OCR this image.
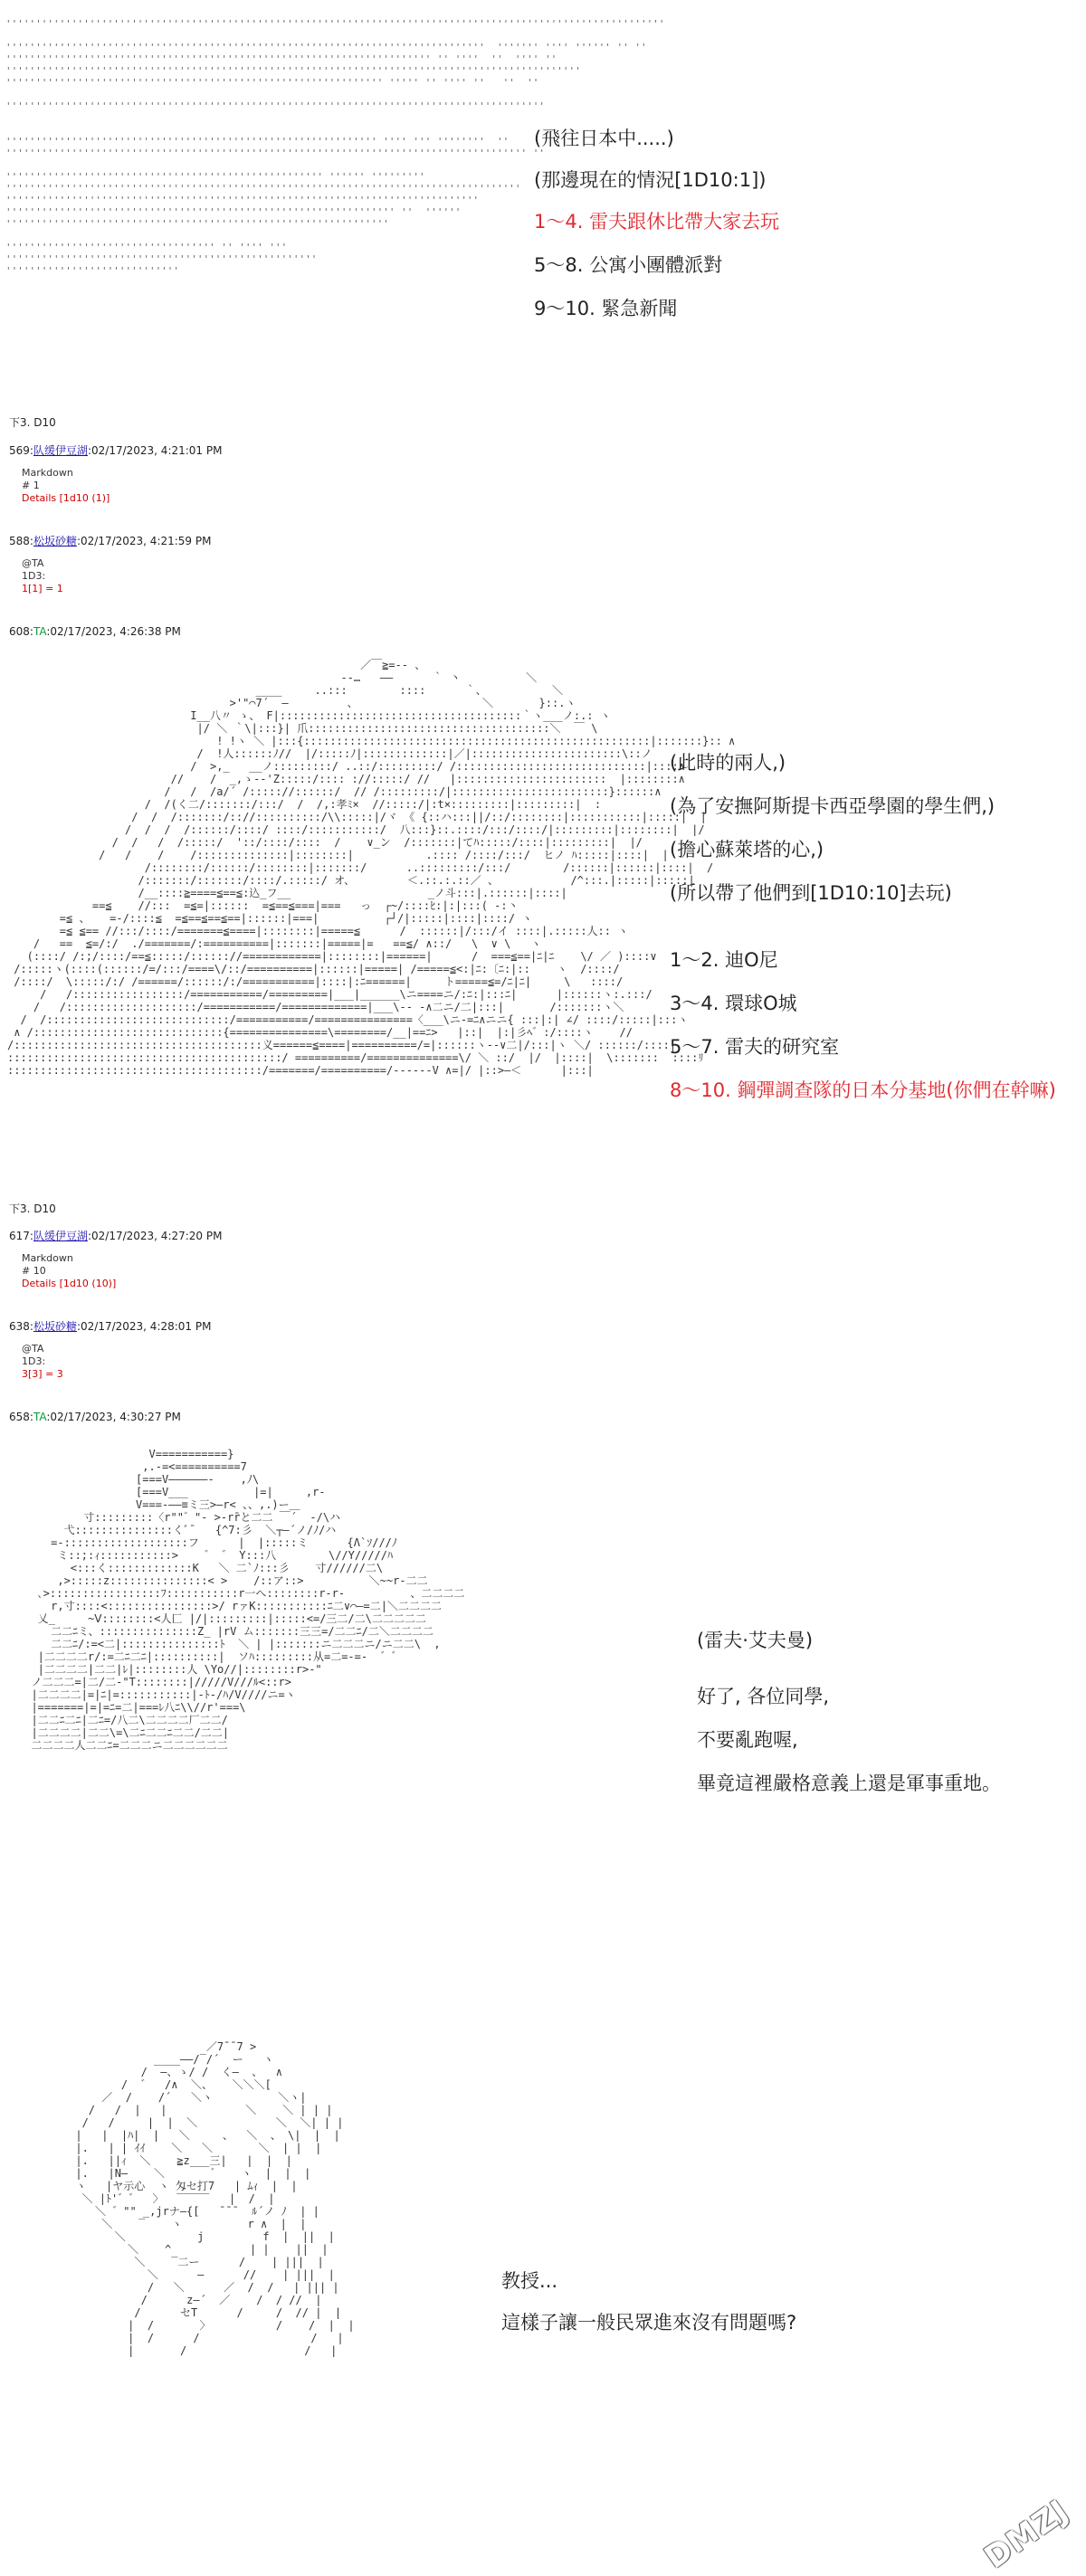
''''''''''''''''''''''''''''''''''''''''''''''''''''''''''''''''''''''''''''''''''''''''''''''''''''''''''''''

''''''''''''''''''''''''''''''''''''''''''''''''''''''''''''''''''''''''''''''''  ''''''' '''' '''''' '' ''
''''''''''''''''''''''''''''''''''''''''''''''''''''''''''''''''''''''' '' ''''  ''  '''' ''
''''''''''''''''''''''''''''''''''''''''''''''''''''''''''''''''''''''''''''''''''''''''''''''''
''''''''''''''''''''''''''''''''''''''''''''''''''''''''''''''' ''''' '' '''' ''   ''  ''

''''''''''''''''''''''''''''''''''''''''''''''''''''''''''''''''''''''''''''''''''''''''''

'''''''''''''''''''''''''''''''''''''''''''''''''''''''''''''' '''' ''' ''''''''  ''
''''''''''''''''''''''''''''''''''''''''''''''''''''''''''''''''''''''''''''''''''''''' ''

''''''''''''''''''''''''''''''''''''''''''''''''''''' '''''' '''''''''
''''''''''''''''''''''''''''''''''''''''''''''''''''''''''''''''''''''''''''''''''''''
'''''''''''''''''''''''''''''''''''''''''''''''''''''''''''''''''''''''''''''''
''''''''''''''''''''''''''''''''''''''''''''''''''''''''''''''''' ''  ''''''
''''''''''''''''''''''''''''''''''''''''''''''''''''''''''''''''

''''''''''''''''''''''''''''''''''' '' '''' '''
''''''''''''''''''''''''''''''''''''''''''''''''''''
'''''''''''''''''''''''''''''
(飛往日本中.....)
(那邊現在的情況[1D10:1])
1〜4. 雷夫跟休比帶大家去玩
5〜8. 公寓小團體派對
9〜10. 緊急新聞
下3. D10
569:队缓伊豆湖:02/17/2023, 4:21:01 PM
Markdown
# 1
Details [1d10 (1)]
588:松坂砂糖:02/17/2023, 4:21:59 PM
@TA
1D3:
1[1] = 1
608:TA:02/17/2023, 4:26:38 PM
／￣≧=-- 、
-‐…   ――      ｀ 丶          ＼
____     ..:::        ::::      ｀、          ＼
>'"⌒7´  ―         、                   ＼       }::.ヽ
I__八〃 ゝ、 F|:::::::::::::::::::::::::::::::::::::｀ヽ___ノ:.: ヽ
|/ ＼ ｀\|:::}| 爪:::::::::::::::::::::::::::::::::::::＼  ￣ \
! !ヽ ＼ |:::{:::::::::::::::::::::::::::::::::::::::::::::::::::::|:::::::}:: ∧
/  !人::::::ﾉ//  |/:::::ﾉ|:::::::::::::|／|:::::::::::::::::::::::\::ノ
/  >,_   __ノ:::::::::/ ..::/:::::::::/ /:::::::::::::::::::::::::::::|::::∧
//    /  _,ゝ-‐'Z:::::/:::: ://:::::/ //   |:::::::::::::::::::::::  |::::::::∧
/   /  /a/´ /::::://::::::/  // /:::::::::/|::::::::::::::::::::::::}::::::∧
/  /(く二/:::::::/:::/  /  /,:孝ﾐ×  //:::::/|:t×:::::::::|:::::::::|  :
/  /  /:::::::/:://::::::::::/\\:::::|/ヾ 《 {::ハ:::||/::/::::::::|:::::::::::|:::::|  |
/  /  /  /::::::/::::/ ::::/:::::::::::/  八:::}::.::::/:::/::::/|:::::::::|::::::::|  |/
/  /   /  /:::::/  '::/::::/::::  /    ∨_ン  /:::::::|てﾊ:::::/::::|:::::::::|  |/
/   /    /    /::::::::::::::|::::::::|           .:::: /::::/:::/  ヒノ ﾊ:::::|::::|  |
/::::::::/::::::/::::::::|:::::::/      ..:::::::::/:::/        /::::::|::::::|::::|  /
/:::::::/:::::::/::::/.:::::/ オ、        ＜.::.:.::／ 、           /^:::.|:::::|:::::|
/__::::≧====≦==≦:込_フ__                     _ノ斗:::|.::::::|::::|
==≦    //:::  =≦=|::::::  =≦==≦===|===   っ  ┌~/::::ﾋ:|:|:::( -:丶
=≦ 、   =‐/::::≦  =≦==≦==≦==|::::::|===|          ┌┘/|:::::|::::|::::/ ヽ
=≦ ≦== //:::/::::/=======≦====|::::::::|=====≦      /  ::::::|/:::/イ ::::|.:::::人:: ヽ
/   ==  ≦=/:/  ./=======/:==========|:::::::|=====|=   ==≦/ ∧::/   \  ∨ \   ヽ
(::::/ /:;/::::/==≦:::::/:::::://============|::::::::|======|      /  ===≦==|ﾆ|ﾆ    \/ ／ )::::∨
/:::::ヽ(::::(::::::/=/:::/====\/::/==========|::::::|=====| /=====≦<:|ﾆ:〔ﾆ:|::    ヽ  /::::/
/::::/  \:::::/:/ /======/::::::/:/===========|::::|:ﾆ======|     ト=====≦=/ﾆ|ﾆ|     \   ::::/
/   /:::::::::::::::::/===========/=========|___|______\ニ====ニ/:ﾆ:|:::ﾆ|      |::::::ヽ:.:::/
/   /::::::::::::::::::::/===========/=============|___\-‐ -∧二ニ/二|:::|       /:::::::ヽ＼
/  /::::::::::::::::::::::::::::/===========/===============〈___\ニ-=ﾆ∧ニニ{ :::|:| ∠/ ::::/:::::|:::ヽ
∧ /:::::::::::::::::::::::::::::{===============\========/__|==ﾆ>   |::|  |:|彡ﾍ゛:/::::ヽ    //
/::::::::::::::::::::::::::::::::::::::义======≦====|==========/=|::::::ヽ--∨二|/:::|ヽ ＼/ ::::::/::::|
::::::::::::::::::::::::::::::::::::::::::/ ==========/==============\/ ＼ ::/  |/  |::::|  \:::::::  ::::ﾘ
:::::::::::::::::::::::::::::::::::::::/=======/==========/------V ∧=|/ |::>―＜      |:::|
(此時的兩人,)
(為了安撫阿斯提卡西亞學園的學生們,)
(擔心蘇萊塔的心,)
(所以帶了他們到[1D10:10]去玩)
1〜2. 迪O尼
3〜4. 環球O城
5〜7. 雷夫的研究室
8〜10. 鋼彈調查隊的日本分基地(你們在幹嘛)
下3. D10
617:队缓伊豆湖:02/17/2023, 4:27:20 PM
Markdown
# 10
Details [1d10 (10)]
638:松坂砂糖:02/17/2023, 4:28:01 PM
@TA
1D3:
3[3] = 3
658:TA:02/17/2023, 4:30:27 PM
V===========}
,.-=<==========7
[===V――――――-    ,ﾉ\
[===V___          |=|     ,r-
V===-――≡ミ三>―r< 、、,.)ー＿
寸:::::::::〈r""゛"- >-rr̄と二二 ￣´  -/\ハ
弋:::::::::::::::くﾞ¯   {^7:彡  ＼┬―´ノ/ﾉ/ハ
=-:::::::::::::::::::フ      |  |:::::ミ      {Λ`ｿ///ﾉ
ミ::;:ｨ:::::::::::>    ゛ ゛ Y:::八        \//Y/////ﾊ
<:::く:::::::::::::K   ＼ 二`ﾉ:::彡    寸//////二\
,>:::::z:::::::::::::::< >    /::ア::>          ＼~~r‐二二
､>:::::::::::::::::ﾌ:::::::::::r一へ::::::::r-r-          、二二二二
r,寸::::<::::::::::::::::>/ rァK:::::::::::ﾆ二∨⌒―=二|＼二二二二
乂_     ~Ⅴ::::::::<人匚 |/|:::::::::|:::::<=/三二/二\二二二二二
二二ﾆミ、:::::::::::::::Z_ |rV ム:::::::三三=/二二ﾆ/二＼二二二二
二二ﾆ/:=<二|:::::::::::::::ﾄ  ＼ | |:::::::ニ二二二ニ/ニ二二\  ,
|二二二二r/:=二ﾆ二ﾆ|::::::::::|  ソﾊ:::::::::从=二=‐=-  ゛゛
|二二二二|二二|ﾚ|::::::::人 \Yo//|::::::::r>-"
ノ二二二=|二/二-"T::::::::|/////V///ﾙ<::r>
|二二二二|=|ﾆ|=:::::::::::|-ﾄ-/ﾊ/V////ニ=ヽ
|=======|=|=ﾆ=二|===ﾚ八ﾆ\\//r'===\
|二二ﾆ二ﾆ|二ﾆ=/八二\二二二二厂二二/
|二二二二|二二\=\二ﾆ二二ﾆ二二/二二|
二二二二人二二ﾆ=二二二ニ二二二二二二
(雷夫·艾夫曼)
好了, 各位同學,
不要亂跑喔,
畢竟這裡嚴格意義上還是軍事重地。
／7¯¯7 >
____——/‾/´  ー   ヽ
/  ―、ゝ/ /  く―  、  ∧
/  ゛  /∧  ＼、   ＼＼＼[
／  /    /´   ＼ヽ          ＼ヽ|
/   /  |   |            ＼    ＼ | | |
/   /     |  |  ＼            ＼  ＼| | |
|   |  |ﾊ|  |   ＼     、  ＼  、 \|  |  |
|.   | | ｲｲ    ＼   ＼       ＼  | |  |
|.   ||ｨ  ＼    ≧z___三|   |  |  |
|.   |N―    ＼       ゛   ヽ  |  |  |
ヽ   |ヤ示心  ヽ 匁セ打7   | ﾑｨ  |  |
＼ |ﾄ'゛゛  〉  ‾‾‾‾‾   |  /  |
＼ ゛"" _,jrナ―{[   ̄ ̄ ̄   ﾙ´ノ ﾉ  | |
＼    ‾    ヽ          r ∧  |  |
＼           j         f  |  ||  |
＼    ^            | |    ||  |
＼    ‾二ー      /    | |||  |
＼      ―      //    | |||  |
/   ＼      ／  /  /   | ||| |
/      z―´  ／    /  / //  |
/      セT      /     /  // |  |
|  /       〉          /    /  |  |
|  /      /                 /   |
|       /                  /   |
教授...
這樣子讓一般民眾進來沒有問題嗎?
DMZJ
